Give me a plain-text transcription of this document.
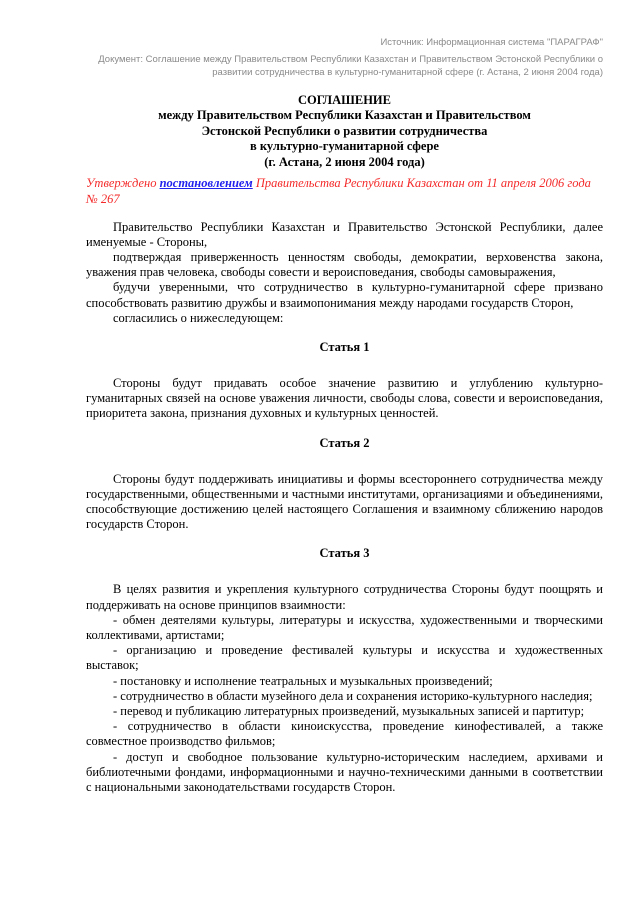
Источник: Информационная система "ПАРАГРАФ"

Документ: Соглашение между Правительством Республики Казахстан и Правительством Эстонской Республики о развитии сотрудничества в культурно-гуманитарной сфере (г. Астана, 2 июня 2004 года)

СОГЛАШЕНИЕ
между Правительством Республики Казахстан и Правительством
Эстонской Республики о развитии сотрудничества
в культурно-гуманитарной сфере
(г. Астана, 2 июня 2004 года)

Утверждено постановлением Правительства Республики Казахстан от 11 апреля 2006 года № 267

Правительство Республики Казахстан и Правительство Эстонской Республики, далее именуемые - Стороны,

подтверждая приверженность ценностям свободы, демократии, верховенства закона, уважения прав человека, свободы совести и вероисповедания, свободы самовыражения,

будучи уверенными, что сотрудничество в культурно-гуманитарной сфере призвано способствовать развитию дружбы и взаимопонимания между народами государств Сторон,

согласились о нижеследующем:

Статья 1

Стороны будут придавать особое значение развитию и углублению культурно-гуманитарных связей на основе уважения личности, свободы слова, совести и вероисповедания, приоритета закона, признания духовных и культурных ценностей.

Статья 2

Стороны будут поддерживать инициативы и формы всестороннего сотрудничества между государственными, общественными и частными институтами, организациями и объединениями, способствующие достижению целей настоящего Соглашения и взаимному сближению народов государств Сторон.

Статья 3

В целях развития и укрепления культурного сотрудничества Стороны будут поощрять и поддерживать на основе принципов взаимности:

- обмен деятелями культуры, литературы и искусства, художественными и творческими коллективами, артистами;

- организацию и проведение фестивалей культуры и искусства и художественных выставок;

- постановку и исполнение театральных и музыкальных произведений;

- сотрудничество в области музейного дела и сохранения историко-культурного наследия;

- перевод и публикацию литературных произведений, музыкальных записей и партитур;

- сотрудничество в области киноискусства, проведение кинофестивалей, а также совместное производство фильмов;

- доступ и свободное пользование культурно-историческим наследием, архивами и библиотечными фондами, информационными и научно-техническими данными в соответствии с национальными законодательствами государств Сторон.
